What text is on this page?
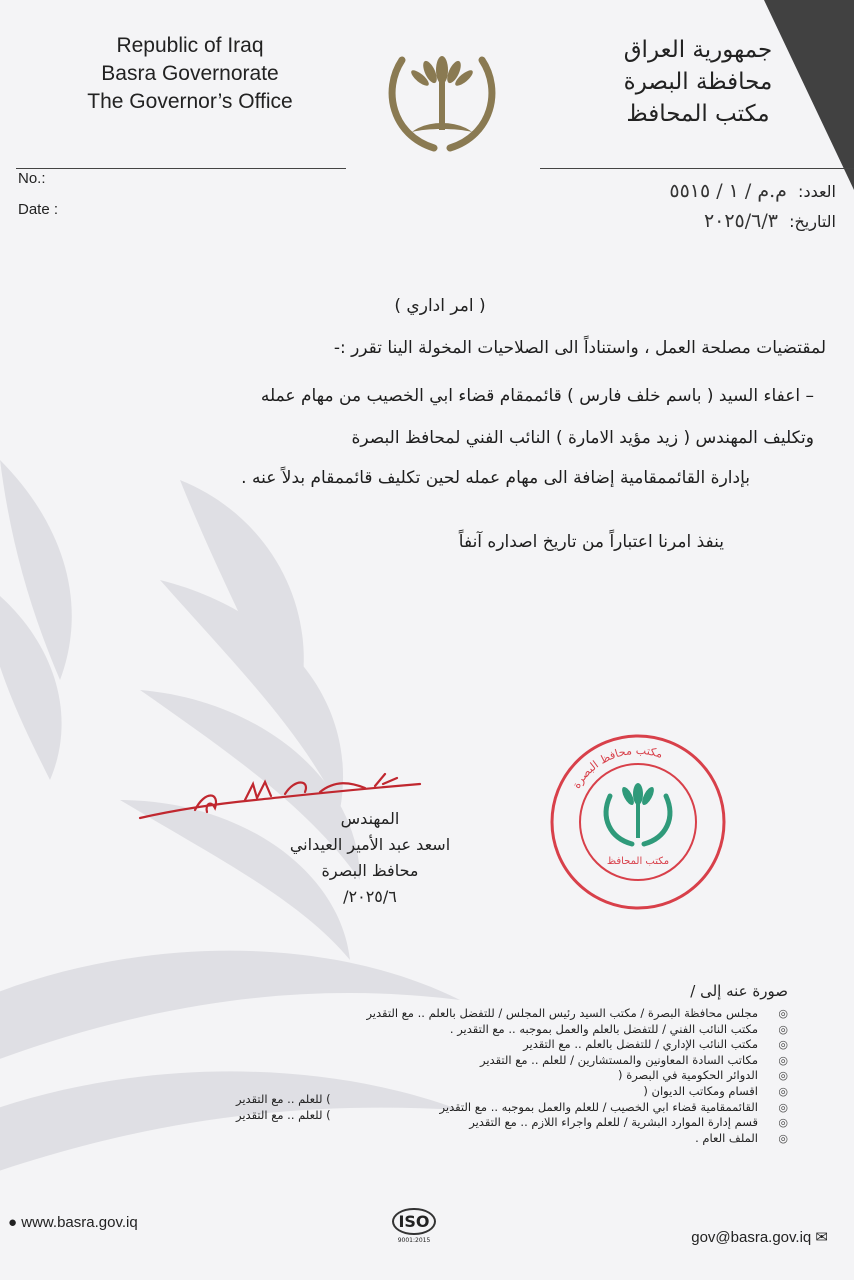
Republic of Iraq
Basra Governorate
The Governor’s Office
جمهورية العراق
محافظة البصرة
مكتب المحافظ
No.:
Date :
العدد: م.م / ١ / ٥٥١٥
التاريخ: ٢٠٢٥/٦/٣
( امر اداري )
لمقتضيات مصلحة العمل ، واستناداً الى الصلاحيات المخولة الينا تقرر :-
– اعفاء السيد ( باسم خلف فارس ) قائممقام قضاء ابي الخصيب من مهام عمله
وتكليف المهندس ( زيد مؤيد الامارة ) النائب الفني لمحافظ البصرة
بإدارة القائممقامية إضافة الى مهام عمله لحين تكليف قائممقام بدلاً عنه .
ينفذ امرنا اعتباراً من تاريخ اصداره آنفاً
المهندس
اسعد عبد الأمير العيداني
محافظ البصرة
٢٠٢٥/٦/
مكتب محافظ البصرة
مكتب المحافظ
صورة عنه إلى /
◎ مجلس محافظة البصرة / مكتب السيد رئيس المجلس / للتفضل بالعلم .. مع التقدير
◎ مكتب النائب الفني / للتفضل بالعلم والعمل بموجبه .. مع التقدير .
◎ مكتب النائب الإداري / للتفضل بالعلم .. مع التقدير
◎ مكاتب السادة المعاونين والمستشارين / للعلم .. مع التقدير
◎ الدوائر الحكومية في البصرة (
◎ اقسام ومكاتب الديوان (
◎ القائممقامية قضاء ابي الخصيب / للعلم والعمل بموجبه .. مع التقدير
◎ قسم إدارة الموارد البشرية / للعلم واجراء اللازم .. مع التقدير
◎ الملف العام .
) للعلم .. مع التقدير
) للعلم .. مع التقدير
● www.basra.gov.iq	ISO
9001:2015	gov@basra.gov.iq ✉
